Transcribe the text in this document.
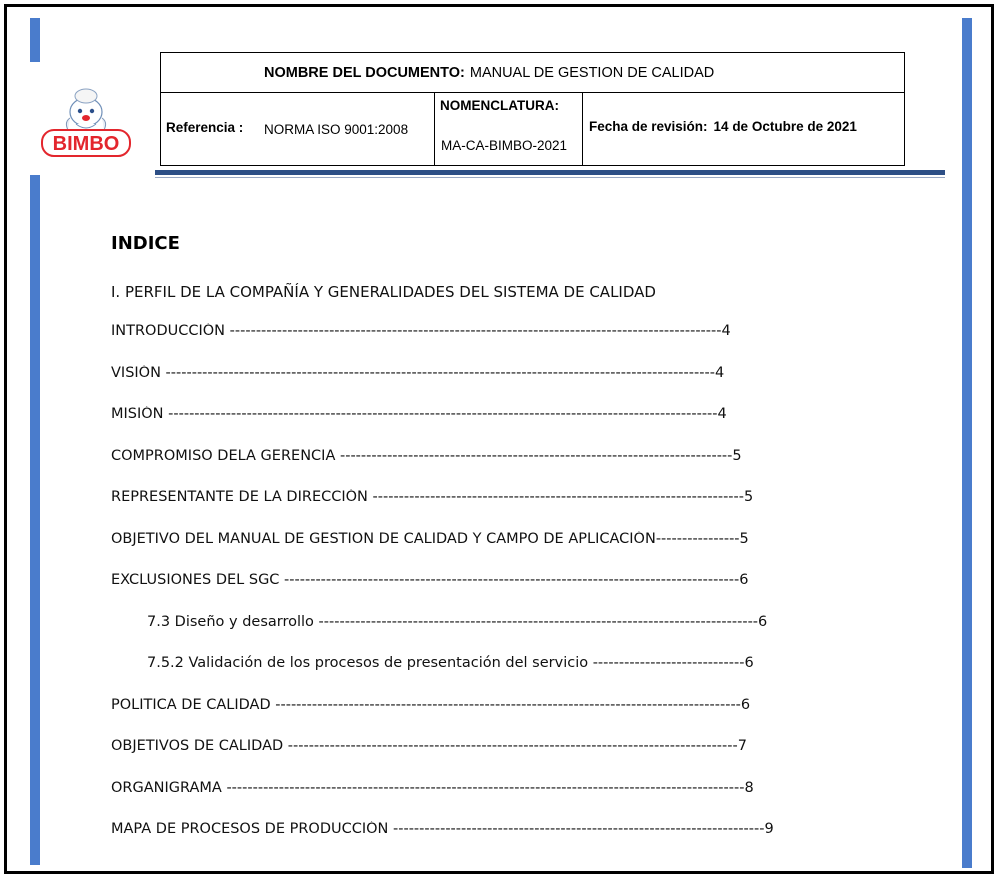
BIMBO
NOMBRE DEL DOCUMENTO: MANUAL DE GESTION DE CALIDAD
Referencia : NORMA ISO 9001:2008
NOMENCLATURA:
MA-CA-BIMBO-2021
Fecha de revisión: 14 de Octubre de 2021
INDICE
I. PERFIL DE LA COMPAÑÍA Y GENERALIDADES DEL SISTEMA DE CALIDAD
INTRODUCCIÓN ----------------------------------------------------------------------------------------------4
VISIÓN ---------------------------------------------------------------------------------------------------------4
MISIÓN ---------------------------------------------------------------------------------------------------------4
COMPROMISO DELA GERENCIA ---------------------------------------------------------------------------5
REPRESENTANTE DE LA DIRECCIÓN -----------------------------------------------------------------------5
OBJETIVO DEL MANUAL DE GESTION DE CALIDAD Y CAMPO DE APLICACIÓN----------------5
EXCLUSIONES DEL SGC ---------------------------------------------------------------------------------------6
7.3 Diseño y desarrollo ------------------------------------------------------------------------------------6
7.5.2 Validación de los procesos de presentación del servicio -----------------------------6
POLITICA DE CALIDAD -----------------------------------------------------------------------------------------6
OBJETIVOS DE CALIDAD --------------------------------------------------------------------------------------7
ORGANIGRAMA ---------------------------------------------------------------------------------------------------8
MAPA DE PROCESOS DE PRODUCCIÓN -----------------------------------------------------------------------9
